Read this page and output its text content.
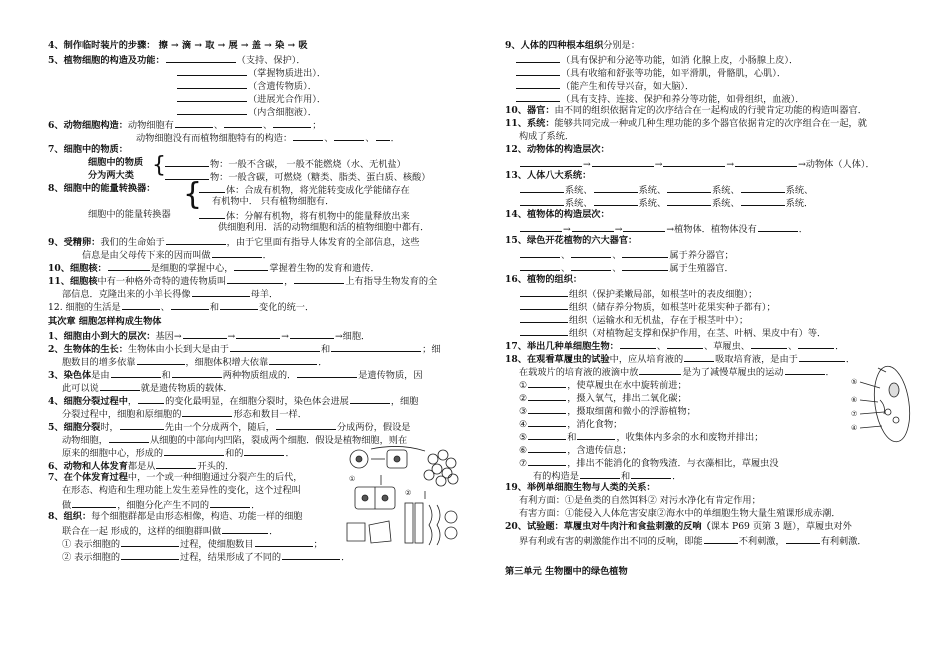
4、制作临时装片的步骤： 擦 → 滴 → 取 → 展 → 盖 → 染 → 吸
5、植物细胞的构造及功能：	（支持、保护）．
（掌握物质进出）．
（含遗传物质）．
（进展光合作用）．
（内含细胞液）．
6、动物细胞构造：动物细胞有	、	、	；
动物细胞没有而植物细胞特有的构造：	、	、 ．
7、细胞中的物质：
细胞中的物质 {	物：一般不含碳， 一般不能燃烧（水、无机盐）
分为两大类	物：一般含碳，可燃烧（糖类、脂类、蛋白质、核酸）
8、细胞中的能量转换器： {	体：合成有机物，将光能转变成化学能储存在
有机物中． 只有植物细胞有．
细胞中的能量转换器	体：分解有机物，将有机物中的能量释放出来
供细胞利用．活的动物细胞和活的植物细胞中都有．
9、受精卵：我们的生命始于	，由于它里面有指导人体发育的全部信息，这些
信息是由父母传下来的因而叫做	．
10、细胞核：	是细胞的掌握中心，	掌握着生物的发育和遗传．
11、细胞核中有一种格外奇特的遗传物质叫	，	上有指导生物发育的全
部信息．克隆出来的小羊长得像	母羊．
12. 细胞的生活是	、	和	变化的统一．
其次章 细胞怎样构成生物体
1、细胞由小到大的层次：基因→	→	→	→细胞．
2、生物体的生长：生物体由小长到大是由于	和	；细
胞数目的增多依靠	，细胞体积增大依靠	．
3、染色体是由	和	两种物质组成的．	是遗传物质，因
此可以说	就是遗传物质的载体．
4、细胞分裂过程中，	的变化最明显，在细胞分裂时，染色体会进展	，细胞
分裂过程中，细胞和原细胞的	形态和数目一样．
5、细胞分裂时，	先由一个分成两个，随后，	分成两份，假设是
动物细胞，	从细胞的中部向内凹陷，裂成两个细胞．假设是植物细胞，则在
原来的细胞中心，形成的	和的	．
6、动物和人体发育都是从	开头的．
7、在个体发育过程中，一个或一种细胞通过分裂产生的后代，
在形态、构造和生理功能上发生差异性的变化，这个过程叫
做	，细胞分化产生不同的	．
8、组织：每个细胞群都是由形态相像，构造、功能一样的细胞
联合在一起 形成的，这样的细胞群叫做	．
① 表示细胞的	过程，使细胞数目	；
② 表示细胞的	过程，结果形成了不同的	．
①
②
9、人体的四种根本组织分别是：
（具有保护和分泌等功能，如消 化腺上皮，小肠腺上皮）．
（具有收缩和舒张等功能，如平滑肌，骨骼肌，心肌）．
（能产生和传导兴奋，如大脑）．
（具有支持、连接、保护和养分等功能，如骨组织，血液）．
10、器官：由不同的组织依据肯定的次序结合在一起构成的行驶肯定功能的构造叫器官．
11、系统：能够共同完成一种或几种生理功能的多个器官依据肯定的次序组合在一起，就
构成了系统．
12、动物体的构造层次：
→	→	→	→动物体（人体）．
13、人体八大系统：
系统、	系统、	系统、	系统、
系统、	系统、	系统、	系统．
14、植物体的构造层次：
→	→	→植物体．植物体没有	．
15、绿色开花植物的六大器官：
、	、	属于养分器官；
、	、	属于生殖器官．
16、植物的组织：
组织（保护柔嫩局部，如根茎叶的表皮细胞）；
组织（储存养分物质，如根茎叶花果实种子都有）；
组织（运输水和无机盐，存在于根茎叶中）；
组织（对植物起支撑和保护作用，在茎、叶柄、果皮中有）等．
17、举出几种单细胞生物：	、	、草履虫、	、	．
18、在观看草履虫的试验中，应从培育液的	吸取培育液，是由于	．
在载玻片的培育液的液滴中放	是为了减慢草履虫的运动	．
①	，使草履虫在水中旋转前进；
②	，摄入氧气，排出二氧化碳；
③	，摄取细菌和微小的浮游植物；
④	，消化食物；
⑤	和	，收集体内多余的水和废物并排出；
⑥	，含遗传信息；
⑦	，排出不能消化的食物残渣．与衣藻相比，草履虫没
有的构造是	和	．
19、举例单细胞生物与人类的关系：
有利方面：①是鱼类的自然饵料② 对污水净化有肯定作用；
有害方面：①能侵入人体危害安康②海水中的单细胞生物大量生殖课形成赤潮．
20、试验题：草履虫对牛肉汁和食盐刺激的反响（课本 P69 页第 3 题），草履虫对外
界有利或有害的刺激能作出不同的反响，即能	不利刺激，	有利刺激．
第三单元 生物圈中的绿色植物
⑤
⑥
⑦
④
